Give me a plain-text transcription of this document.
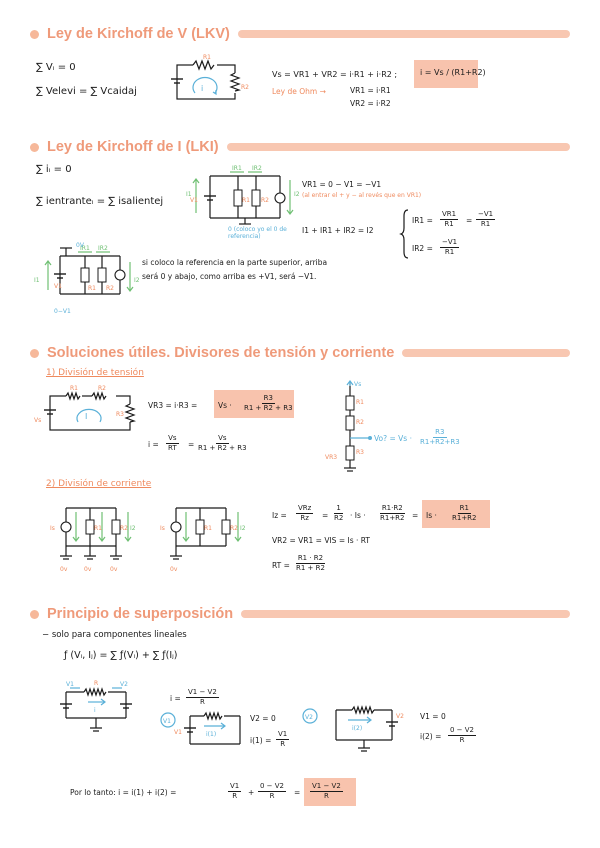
Ley de Kirchoff de V (LKV)
∑ Vᵢ = 0
∑ Velevi = ∑ Vcaidaj
R1
R2
i
Vs = VR1 + VR2 = i·R1 + i·R2 ;	i = Vs / (R1+R2)
Ley de Ohm →	VR1 = i·R1
VR2 = i·R2
Ley de Kirchoff de I (LKI)
∑ iᵢ = 0
∑ ientranteᵢ = ∑ isalientej	V1	R1 R2
IR1 IR2
I1	I2
0 (coloco yo el 0 de referencia)
VR1 = 0 − V1 = −V1
(al entrar el + y − al revés que en VR1)
I1 + IR1 + IR2 = I2
$IR1 = \frac{VR1}{R1} = \frac{-V1}{R1}$
$IR2 = \frac{-V1}{R1}$
V1	R1 R2
I1	I2
IR1 IR2
0V
0−V1
si coloco la referencia en la parte superior, arriba
será 0 y abajo, como arriba es +V1, será −V1.
Soluciones útiles. Divisores de tensión y corriente
1) División de tensión
Vs
R1	R2
R3
I
VR3 = i·R3 =	$Vs \cdot \frac{R3}{R1 + R2 + R3}$
$i = \frac{Vs}{RT} = \frac{Vs}{R1 + R2 + R3}$
R1
R2
R3
Vs
VR3
Vo? = $Vs \cdot \frac{R3}{R1+R2+R3}$
2) División de corriente
Is	R1	R2 I2
0v	0v	0v
Is	R1	R2 I2
0v
Iz =
VRz
$Rz = \frac{1}{R2} \cdot Is \cdot \frac{R1\cdot R2}{R1+R2} = Is \cdot \frac{R1}{R1+R2}$
VR2 = VR1 = VIS = Is · RT
RT = $\frac{R1 \cdot R2}{R1 + R2}$
Principio de superposición
− solo para componentes lineales
ƒ (Vᵢ, Iⱼ) = ∑ ƒ(Vᵢ) + ∑ ƒ(Iⱼ)
V1	V2
R
i
$i = \frac{V1 - V2}{R}$
V1
V1	i(1)
V2 = 0
$i(1) = \frac{V1}{R}$
V2	V2
i(2)
V1 = 0
$i(2) = \frac{0 - V2}{R}$
Por lo tanto: i = i(1) + i(2) =	$\frac{V1}{R} + \frac{0 - V2}{R} = \frac{V1 - V2}{R}$
